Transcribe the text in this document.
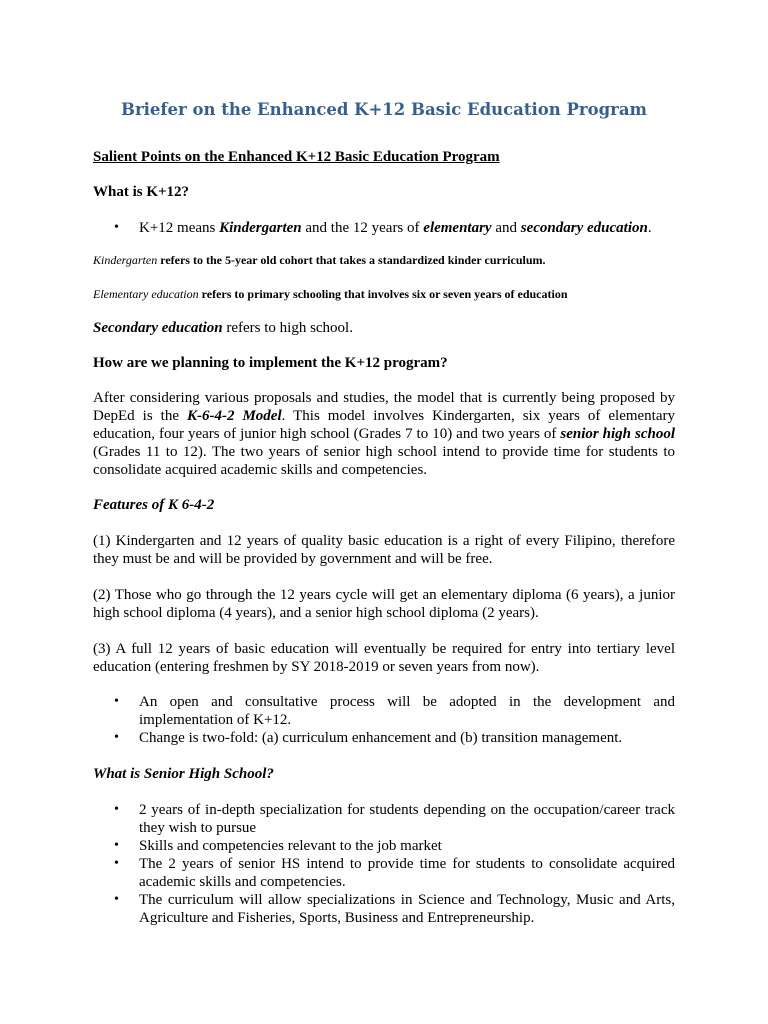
Briefer on the Enhanced K+12 Basic Education Program

Salient Points on the Enhanced K+12 Basic Education Program

What is K+12?

• K+12 means Kindergarten and the 12 years of elementary and secondary education.

Kindergarten refers to the 5-year old cohort that takes a standardized kinder curriculum.

Elementary education refers to primary schooling that involves six or seven years of education

Secondary education refers to high school.

How are we planning to implement the K+12 program?

After considering various proposals and studies, the model that is currently being proposed by DepEd is the K-6-4-2 Model. This model involves Kindergarten, six years of elementary education, four years of junior high school (Grades 7 to 10) and two years of senior high school (Grades 11 to 12). The two years of senior high school intend to provide time for students to consolidate acquired academic skills and competencies.

Features of K 6-4-2

(1) Kindergarten and 12 years of quality basic education is a right of every Filipino, therefore they must be and will be provided by government and will be free.

(2) Those who go through the 12 years cycle will get an elementary diploma (6 years), a junior high school diploma (4 years), and a senior high school diploma (2 years).

(3) A full 12 years of basic education will eventually be required for entry into tertiary level education (entering freshmen by SY 2018-2019 or seven years from now).

• An open and consultative process will be adopted in the development and implementation of K+12.
• Change is two-fold: (a) curriculum enhancement and (b) transition management.

What is Senior High School?

• 2 years of in-depth specialization for students depending on the occupation/career track they wish to pursue
• Skills and competencies relevant to the job market
• The 2 years of senior HS intend to provide time for students to consolidate acquired academic skills and competencies.
• The curriculum will allow specializations in Science and Technology, Music and Arts, Agriculture and Fisheries, Sports, Business and Entrepreneurship.
